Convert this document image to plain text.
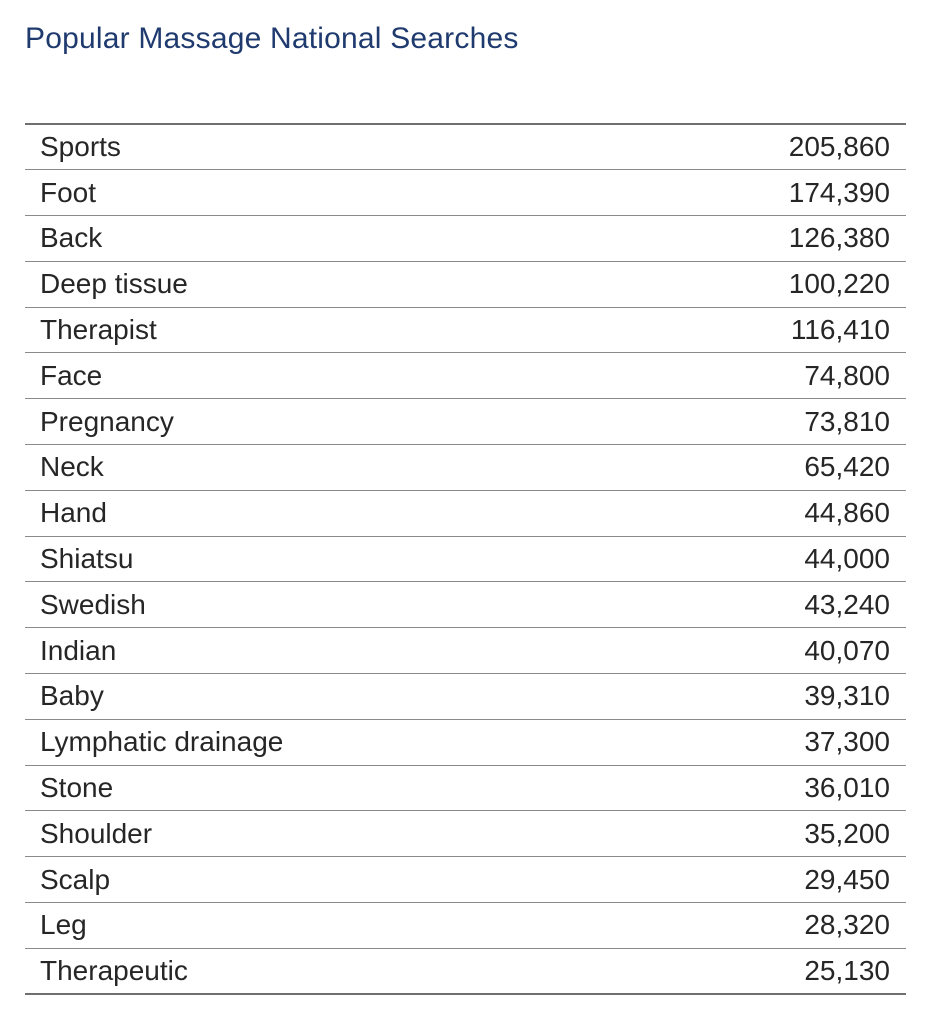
Popular Massage National Searches
Sports	205,860
Foot	174,390
Back	126,380
Deep tissue	100,220
Therapist	116,410
Face	74,800
Pregnancy	73,810
Neck	65,420
Hand	44,860
Shiatsu	44,000
Swedish	43,240
Indian	40,070
Baby	39,310
Lymphatic drainage	37,300
Stone	36,010
Shoulder	35,200
Scalp	29,450
Leg	28,320
Therapeutic	25,130
